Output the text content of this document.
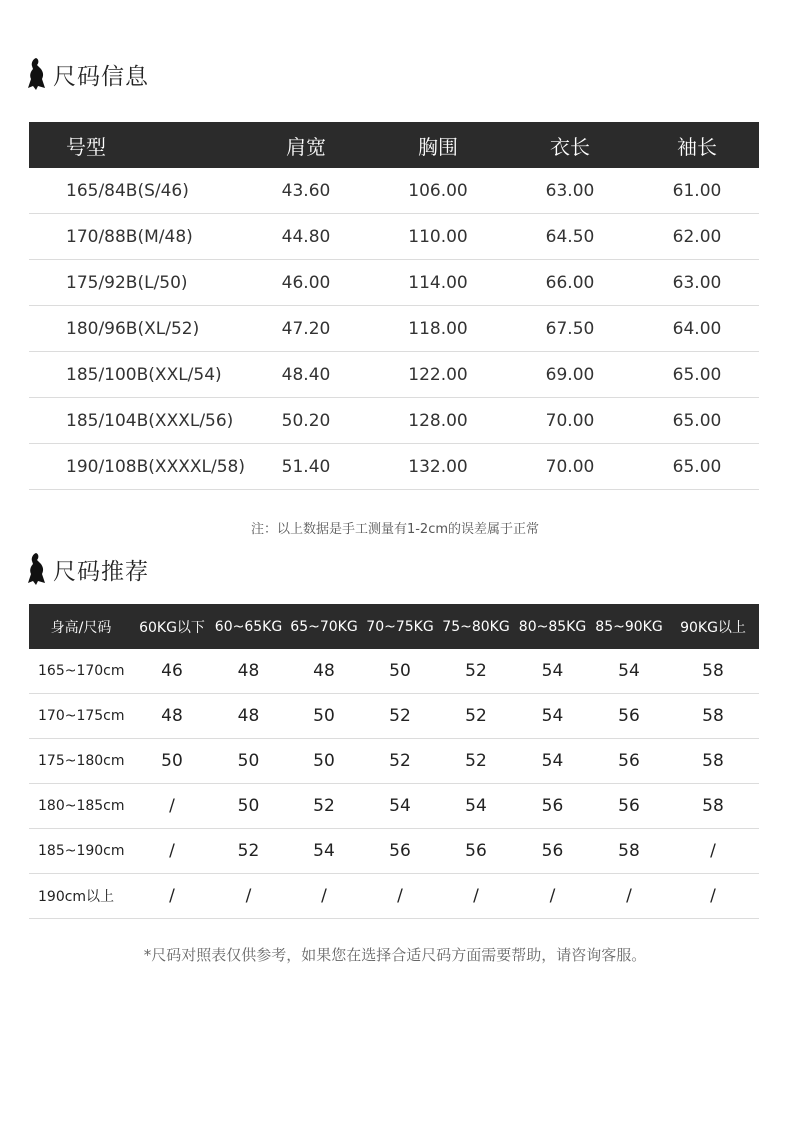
尺码信息
号型	肩宽	胸围	衣长	袖长
165/84B(S/46)	43.60	106.00	63.00	61.00
170/88B(M/48)	44.80	110.00	64.50	62.00
175/92B(L/50)	46.00	114.00	66.00	63.00
180/96B(XL/52)	47.20	118.00	67.50	64.00
185/100B(XXL/54)	48.40	122.00	69.00	65.00
185/104B(XXXL/56)	50.20	128.00	70.00	65.00
190/108B(XXXXL/58)	51.40	132.00	70.00	65.00
注：以上数据是手工测量有1-2cm的误差属于正常
尺码推荐
身高/尺码	60KG以下	60~65KG	65~70KG	70~75KG	75~80KG	80~85KG	85~90KG	90KG以上
165~170cm	46	48	48	50	52	54	54	58
170~175cm	48	48	50	52	52	54	56	58
175~180cm	50	50	50	52	52	54	56	58
180~185cm	/	50	52	54	54	56	56	58
185~190cm	/	52	54	56	56	56	58	/
190cm以上	/	/	/	/	/	/	/	/
*尺码对照表仅供参考，如果您在选择合适尺码方面需要帮助，请咨询客服。
